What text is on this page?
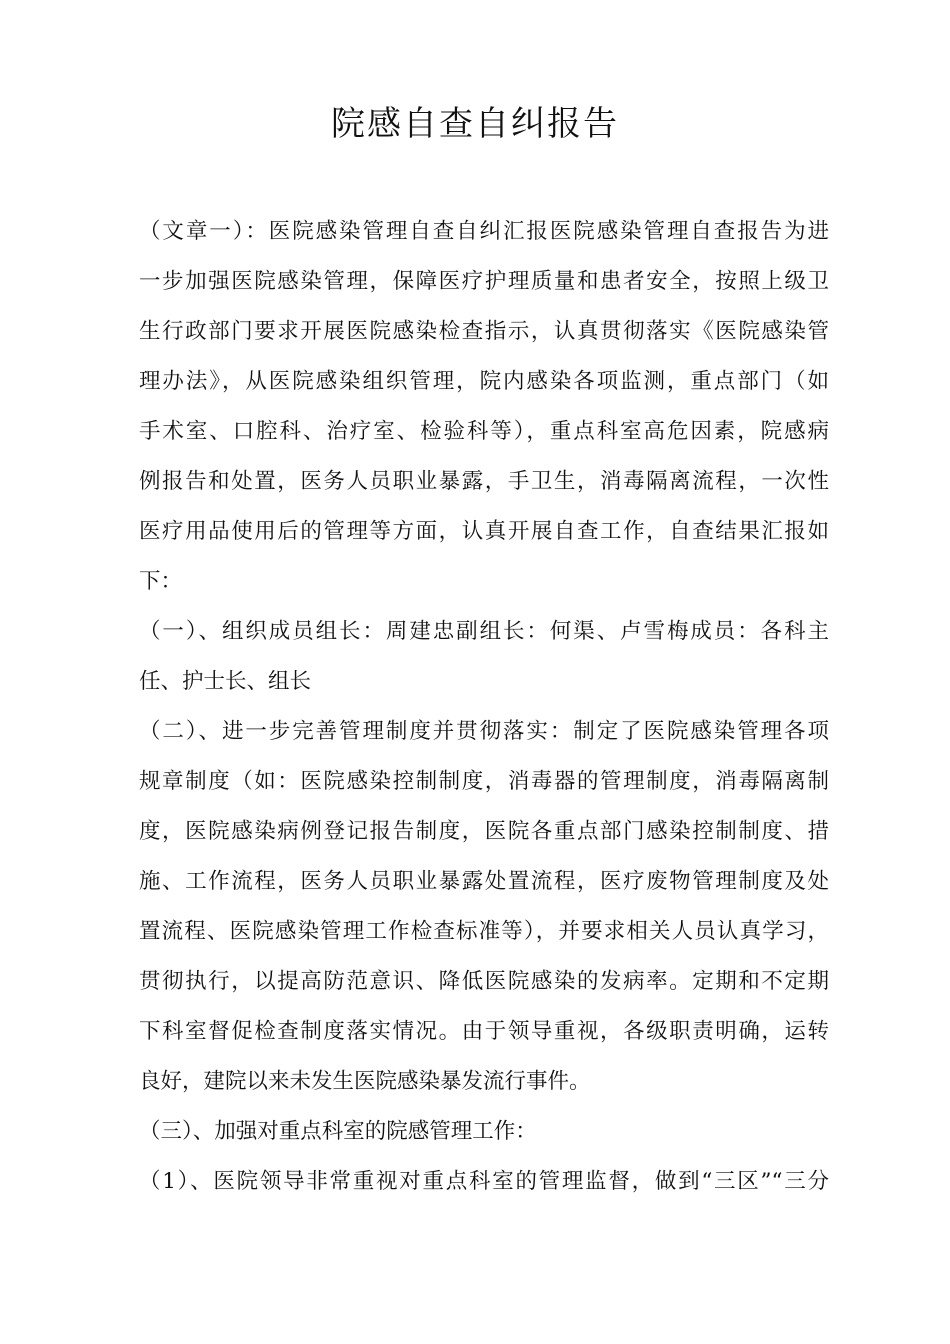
院感自查自纠报告
（文章一）：医院感染管理自查自纠汇报医院感染管理自查报告为进
一步加强医院感染管理，保障医疗护理质量和患者安全，按照上级卫
生行政部门要求开展医院感染检查指示，认真贯彻落实《医院感染管
理办法》，从医院感染组织管理，院内感染各项监测，重点部门（如
手术室、口腔科、治疗室、检验科等），重点科室高危因素，院感病
例报告和处置，医务人员职业暴露，手卫生，消毒隔离流程，一次性
医疗用品使用后的管理等方面，认真开展自查工作，自查结果汇报如
下：
（一）、组织成员组长：周建忠副组长：何渠、卢雪梅成员：各科主
任、护士长、组长
（二）、进一步完善管理制度并贯彻落实：制定了医院感染管理各项
规章制度（如：医院感染控制制度，消毒器的管理制度，消毒隔离制
度，医院感染病例登记报告制度，医院各重点部门感染控制制度、措
施、工作流程，医务人员职业暴露处置流程，医疗废物管理制度及处
置流程、医院感染管理工作检查标准等），并要求相关人员认真学习，
贯彻执行，以提高防范意识、降低医院感染的发病率。定期和不定期
下科室督促检查制度落实情况。由于领导重视，各级职责明确，运转
良好，建院以来未发生医院感染暴发流行事件。
（三）、加强对重点科室的院感管理工作：
（1）、医院领导非常重视对重点科室的管理监督，做到“三区”“三分
